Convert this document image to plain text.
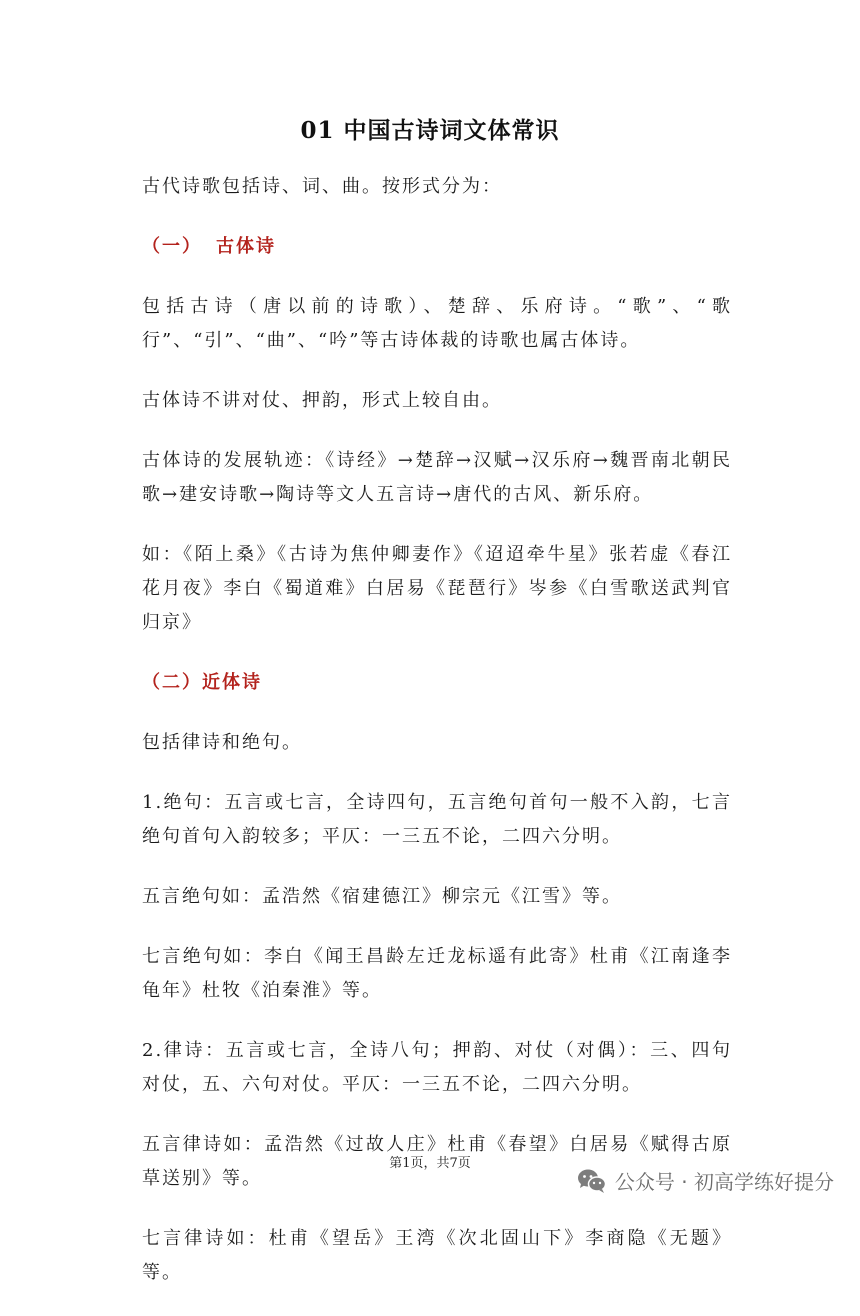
01 中国古诗词文体常识

古代诗歌包括诗、词、曲。按形式分为：

（一） 古体诗

包括古诗（唐以前的诗歌）、楚辞、乐府诗。“歌”、“歌行”、“引”、“曲”、“吟”等古诗体裁的诗歌也属古体诗。

古体诗不讲对仗、押韵，形式上较自由。

古体诗的发展轨迹：《诗经》→楚辞→汉赋→汉乐府→魏晋南北朝民歌→建安诗歌→陶诗等文人五言诗→唐代的古风、新乐府。

如：《陌上桑》《古诗为焦仲卿妻作》《迢迢牵牛星》张若虚《春江花月夜》李白《蜀道难》白居易《琵琶行》岑参《白雪歌送武判官归京》

（二）近体诗

包括律诗和绝句。

1.绝句：五言或七言，全诗四句，五言绝句首句一般不入韵，七言绝句首句入韵较多；平仄：一三五不论，二四六分明。

五言绝句如：孟浩然《宿建德江》柳宗元《江雪》等。

七言绝句如：李白《闻王昌龄左迁龙标遥有此寄》杜甫《江南逢李龟年》杜牧《泊秦淮》等。

2.律诗：五言或七言，全诗八句；押韵、对仗（对偶）：三、四句对仗，五、六句对仗。平仄：一三五不论，二四六分明。

五言律诗如：孟浩然《过故人庄》杜甫《春望》白居易《赋得古原草送别》等。

七言律诗如：杜甫《望岳》王湾《次北固山下》李商隐《无题》等。

第1页，共7页
公众号 · 初高学练好提分
